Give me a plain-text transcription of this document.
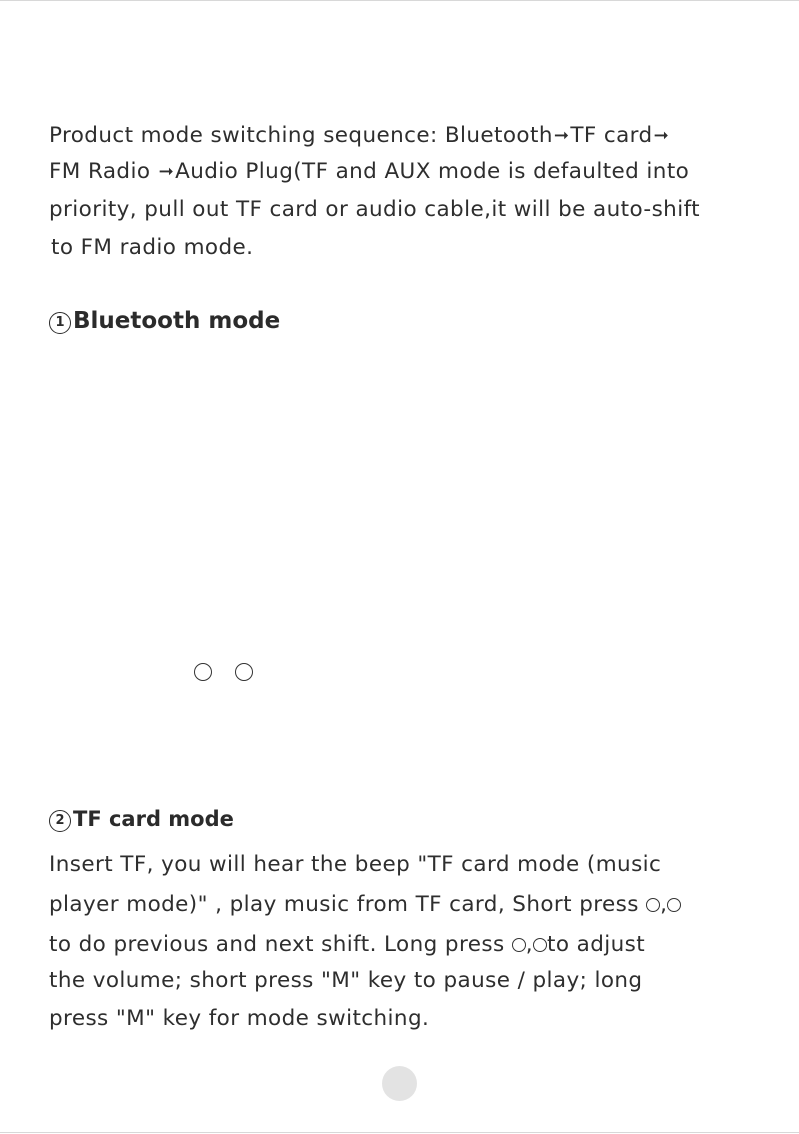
Product mode switching sequence: Bluetooth➞TF card➞
FM Radio ➞Audio Plug(TF and AUX mode is defaulted into
priority, pull out TF card or audio cable,it will be auto-shift
to FM radio mode.
1 Bluetooth mode
2 TF card mode
Insert TF, you will hear the beep "TF card mode (music
player mode)" , play music from TF card, Short press ,
to do previous and next shift. Long press , to adjust
the volume; short press "M" key to pause / play; long
press "M" key for mode switching.
